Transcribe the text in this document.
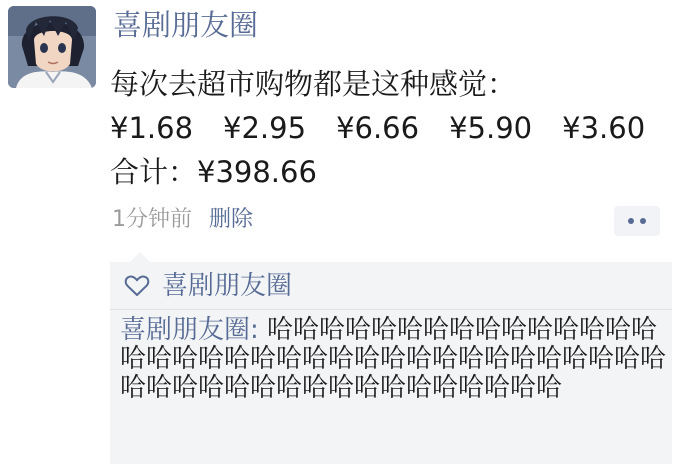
喜剧朋友圈
每次去超市购物都是这种感觉：
¥1.68 ¥2.95 ¥6.66 ¥5.90 ¥3.60
合计：¥398.66
1分钟前 删除
喜剧朋友圈
喜剧朋友圈: 哈哈哈哈哈哈哈哈哈哈哈哈哈哈哈哈哈哈哈哈哈哈哈哈哈哈哈哈哈哈哈哈哈哈哈哈哈哈哈哈哈哈哈哈哈哈哈哈哈哈哈哈哈
